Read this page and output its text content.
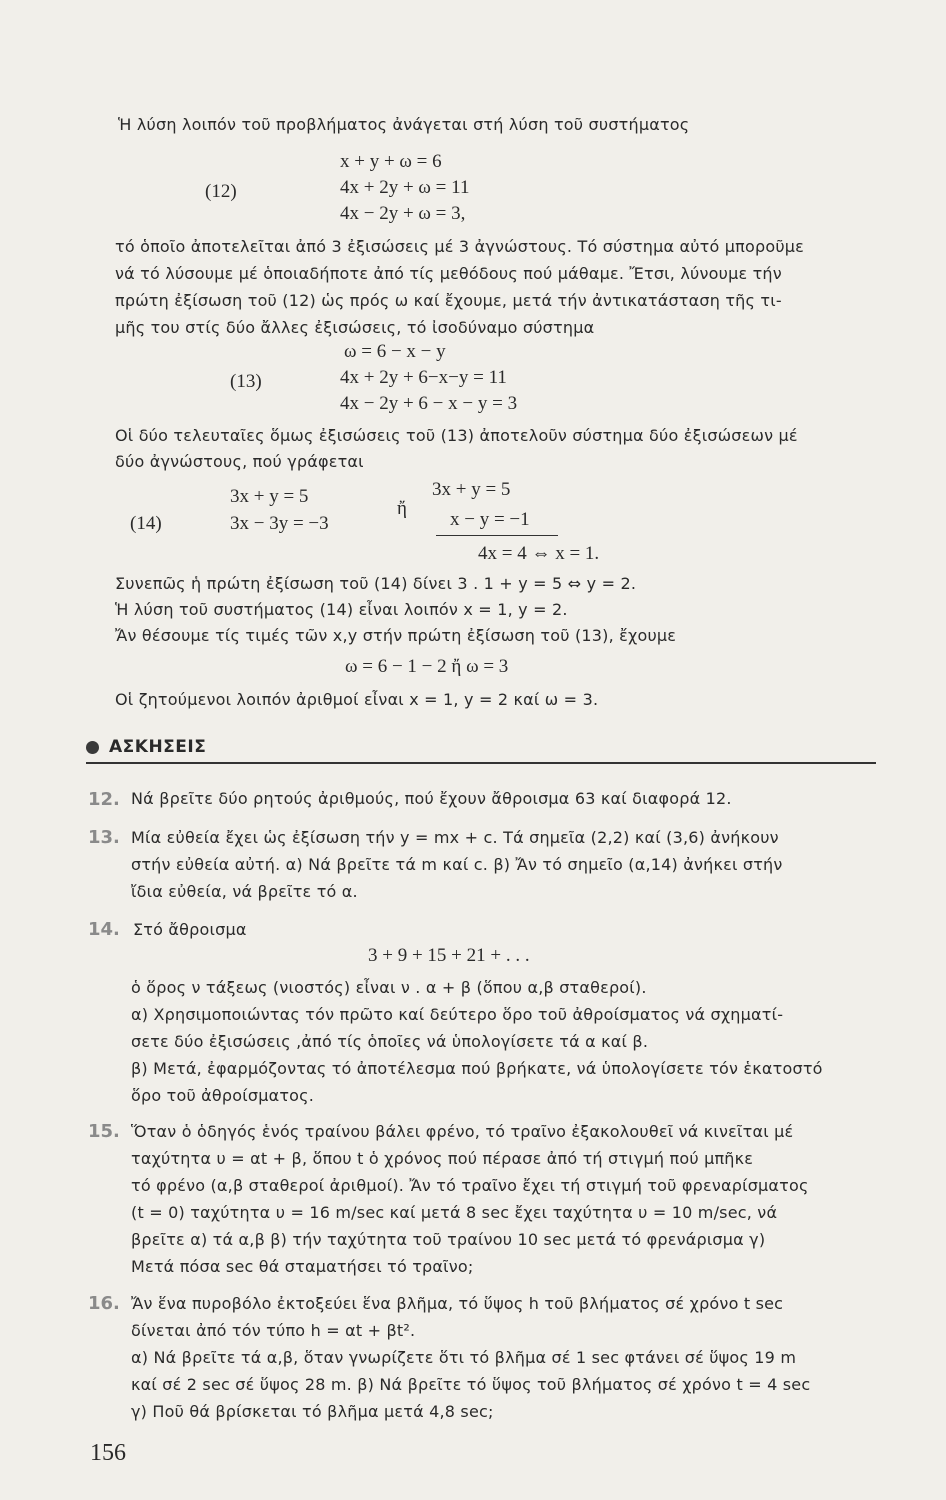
Ἡ λύση λοιπόν τοῦ προβλήματος ἀνάγεται στή λύση τοῦ συστήματος
(12)
x + y + ω = 6
4x + 2y + ω = 11
4x − 2y + ω = 3,
τό ὁποῖο ἀποτελεῖται ἀπό 3 ἐξισώσεις μέ 3 ἀγνώστους. Τό σύστημα αὐτό μποροῦμε
νά τό λύσουμε μέ ὁποιαδήποτε ἀπό τίς μεθόδους πού μάθαμε. Ἔτσι, λύνουμε τήν
πρώτη ἐξίσωση τοῦ (12) ὡς πρός ω καί ἔχουμε, μετά τήν ἀντικατάσταση τῆς τι-
μῆς του στίς δύο ἄλλες ἐξισώσεις, τό ἰσοδύναμο σύστημα
(13)
ω = 6 − x − y
4x + 2y + 6−x−y = 11
4x − 2y + 6 − x − y = 3
Οἱ δύο τελευταῖες ὅμως ἐξισώσεις τοῦ (13) ἀποτελοῦν σύστημα δύο ἐξισώσεων μέ
δύο ἀγνώστους, πού γράφεται
(14)
3x + y = 5
3x − 3y = −3
ἤ
3x + y = 5
x − y = −1
4x = 4 ⇔ x = 1.
Συνεπῶς ἡ πρώτη ἐξίσωση τοῦ (14) δίνει 3 . 1 + y = 5 ⇔ y = 2.
Ἡ λύση τοῦ συστήματος (14) εἶναι λοιπόν x = 1, y = 2.
Ἄν θέσουμε τίς τιμές τῶν x,y στήν πρώτη ἐξίσωση τοῦ (13), ἔχουμε
ω = 6 − 1 − 2 ἤ ω = 3
Οἱ ζητούμενοι λοιπόν ἀριθμοί εἶναι x = 1, y = 2 καί ω = 3.
ΑΣΚΗΣΕΙΣ
12. Νά βρεῖτε δύο ρητούς ἀριθμούς, πού ἔχουν ἄθροισμα 63 καί διαφορά 12.
13. Μία εὐθεία ἔχει ὡς ἐξίσωση τήν y = mx + c. Τά σημεῖα (2,2) καί (3,6) ἀνήκουν
στήν εὐθεία αὐτή. α) Νά βρεῖτε τά m καί c. β) Ἄν τό σημεῖο (α,14) ἀνήκει στήν
ἴδια εὐθεία, νά βρεῖτε τό α.
14. Στό ἄθροισμα
3 + 9 + 15 + 21 + . . .
ὁ ὅρος ν τάξεως (νιοστός) εἶναι ν . α + β (ὅπου α,β σταθεροί).
α) Χρησιμοποιώντας τόν πρῶτο καί δεύτερο ὅρο τοῦ ἀθροίσματος νά σχηματί-
σετε δύο ἐξισώσεις ,ἀπό τίς ὁποῖες νά ὑπολογίσετε τά α καί β.
β) Μετά, ἐφαρμόζοντας τό ἀποτέλεσμα πού βρήκατε, νά ὑπολογίσετε τόν ἑκατοστό
ὅρο τοῦ ἀθροίσματος.
15. Ὅταν ὁ ὁδηγός ἑνός τραίνου βάλει φρένο, τό τραῖνο ἐξακολουθεῖ νά κινεῖται μέ
ταχύτητα υ = αt + β, ὅπου t ὁ χρόνος πού πέρασε ἀπό τή στιγμή πού μπῆκε
τό φρένο (α,β σταθεροί ἀριθμοί). Ἄν τό τραῖνο ἔχει τή στιγμή τοῦ φρεναρίσματος
(t = 0) ταχύτητα υ = 16 m/sec καί μετά 8 sec ἔχει ταχύτητα υ = 10 m/sec, νά
βρεῖτε α) τά α,β β) τήν ταχύτητα τοῦ τραίνου 10 sec μετά τό φρενάρισμα γ)
Μετά πόσα sec θά σταματήσει τό τραῖνο;
16. Ἄν ἕνα πυροβόλο ἐκτοξεύει ἕνα βλῆμα, τό ὕψος h τοῦ βλήματος σέ χρόνο t sec
δίνεται ἀπό τόν τύπο h = αt + βt².
α) Νά βρεῖτε τά α,β, ὅταν γνωρίζετε ὅτι τό βλῆμα σέ 1 sec φτάνει σέ ὕψος 19 m
καί σέ 2 sec σέ ὕψος 28 m. β) Νά βρεῖτε τό ὕψος τοῦ βλήματος σέ χρόνο t = 4 sec
γ) Ποῦ θά βρίσκεται τό βλῆμα μετά 4,8 sec;
156
